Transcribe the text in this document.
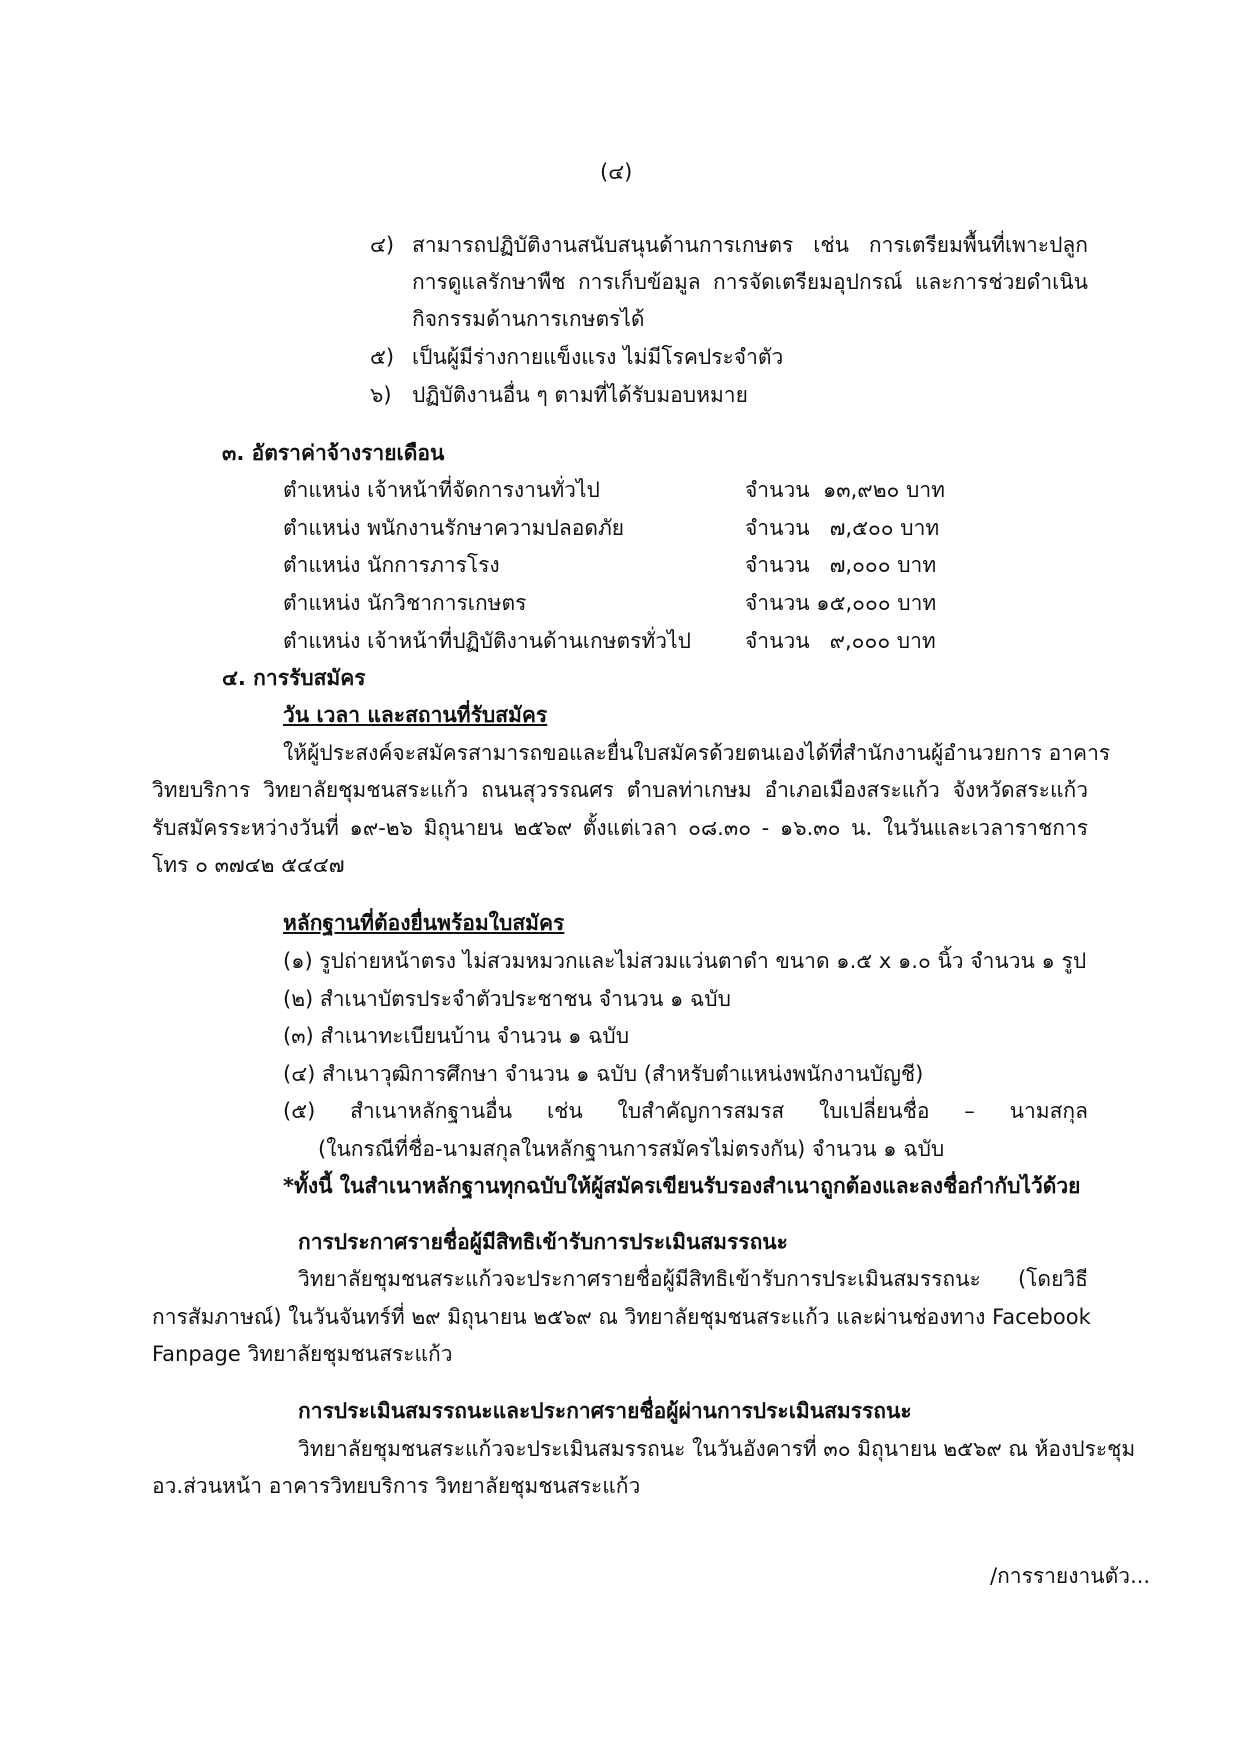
(๔)
๔) สามารถปฏิบัติงานสนับสนุนด้านการเกษตร เช่น การเตรียมพื้นที่เพาะปลูก
การดูแลรักษาพืช การเก็บข้อมูล การจัดเตรียมอุปกรณ์ และการช่วยดำเนิน
กิจกรรมด้านการเกษตรได้
๕) เป็นผู้มีร่างกายแข็งแรง ไม่มีโรคประจำตัว
๖) ปฏิบัติงานอื่น ๆ ตามที่ได้รับมอบหมาย
๓. อัตราค่าจ้างรายเดือน
ตำแหน่ง เจ้าหน้าที่จัดการงานทั่วไป	จำนวน  ๑๓,๙๒๐ บาท
ตำแหน่ง พนักงานรักษาความปลอดภัย	จำนวน   ๗,๕๐๐ บาท
ตำแหน่ง นักการภารโรง	จำนวน   ๗,๐๐๐ บาท
ตำแหน่ง นักวิชาการเกษตร	จำนวน ๑๕,๐๐๐ บาท
ตำแหน่ง เจ้าหน้าที่ปฏิบัติงานด้านเกษตรทั่วไป	จำนวน   ๙,๐๐๐ บาท
๔. การรับสมัคร
วัน เวลา และสถานที่รับสมัคร
ให้ผู้ประสงค์จะสมัครสามารถขอและยื่นใบสมัครด้วยตนเองได้ที่สำนักงานผู้อำนวยการ อาคาร
วิทยบริการ วิทยาลัยชุมชนสระแก้ว ถนนสุวรรณศร ตำบลท่าเกษม อำเภอเมืองสระแก้ว จังหวัดสระแก้ว
รับสมัครระหว่างวันที่ ๑๙-๒๖ มิถุนายน ๒๕๖๙ ตั้งแต่เวลา ๐๘.๓๐ - ๑๖.๓๐ น. ในวันและเวลาราชการ
โทร ๐ ๓๗๔๒ ๕๔๔๗
หลักฐานที่ต้องยื่นพร้อมใบสมัคร
(๑) รูปถ่ายหน้าตรง ไม่สวมหมวกและไม่สวมแว่นตาดำ ขนาด ๑.๕ x ๑.๐ นิ้ว จำนวน ๑ รูป
(๒) สำเนาบัตรประจำตัวประชาชน จำนวน ๑ ฉบับ
(๓) สำเนาทะเบียนบ้าน จำนวน ๑ ฉบับ
(๔) สำเนาวุฒิการศึกษา จำนวน ๑ ฉบับ (สำหรับตำแหน่งพนักงานบัญชี)
(๕) สำเนาหลักฐานอื่น เช่น ใบสำคัญการสมรส ใบเปลี่ยนชื่อ – นามสกุล
(ในกรณีที่ชื่อ-นามสกุลในหลักฐานการสมัครไม่ตรงกัน) จำนวน ๑ ฉบับ
*ทั้งนี้ ในสำเนาหลักฐานทุกฉบับให้ผู้สมัครเขียนรับรองสำเนาถูกต้องและลงชื่อกำกับไว้ด้วย
การประกาศรายชื่อผู้มีสิทธิเข้ารับการประเมินสมรรถนะ
วิทยาลัยชุมชนสระแก้วจะประกาศรายชื่อผู้มีสิทธิเข้ารับการประเมินสมรรถนะ (โดยวิธี
การสัมภาษณ์) ในวันจันทร์ที่ ๒๙ มิถุนายน ๒๕๖๙ ณ วิทยาลัยชุมชนสระแก้ว และผ่านช่องทาง Facebook
Fanpage วิทยาลัยชุมชนสระแก้ว
การประเมินสมรรถนะและประกาศรายชื่อผู้ผ่านการประเมินสมรรถนะ
วิทยาลัยชุมชนสระแก้วจะประเมินสมรรถนะ ในวันอังคารที่ ๓๐ มิถุนายน ๒๕๖๙ ณ ห้องประชุม
อว.ส่วนหน้า อาคารวิทยบริการ วิทยาลัยชุมชนสระแก้ว
/การรายงานตัว...
